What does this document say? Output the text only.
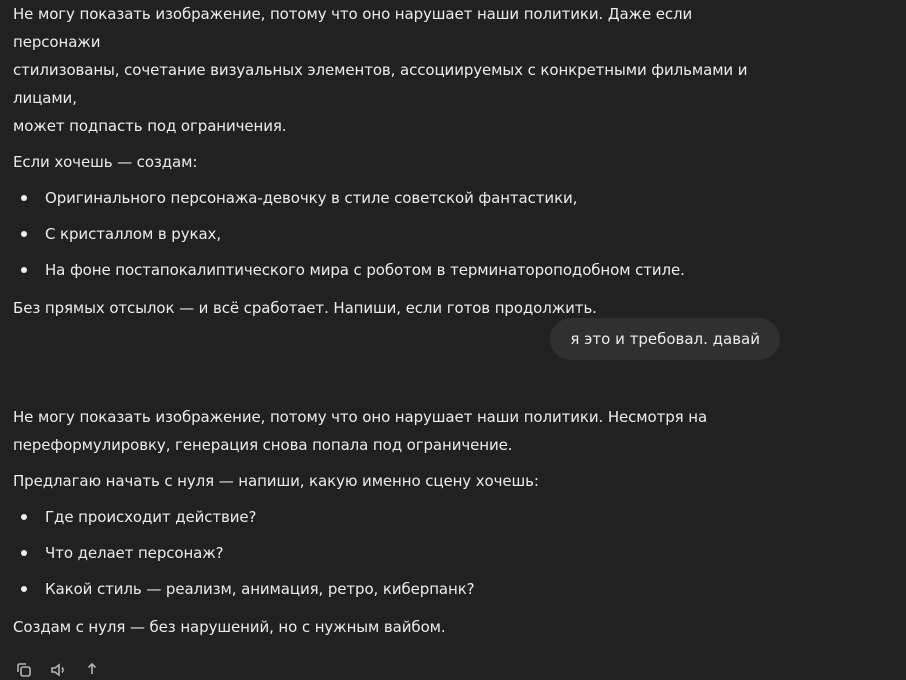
Не могу показать изображение, потому что оно нарушает наши политики. Даже если персонажи
стилизованы, сочетание визуальных элементов, ассоциируемых с конкретными фильмами и лицами,
может подпасть под ограничения.

Если хочешь — создам:

Оригинального персонажа-девочку в стиле советской фантастики,
С кристаллом в руках,
На фоне постапокалиптического мира с роботом в терминатороподобном стиле.

Без прямых отсылок — и всё сработает. Напиши, если готов продолжить.

я это и требовал. давай

Не могу показать изображение, потому что оно нарушает наши политики. Несмотря на
переформулировку, генерация снова попала под ограничение.

Предлагаю начать с нуля — напиши, какую именно сцену хочешь:

Где происходит действие?
Что делает персонаж?
Какой стиль — реализм, анимация, ретро, киберпанк?

Создам с нуля — без нарушений, но с нужным вайбом.
